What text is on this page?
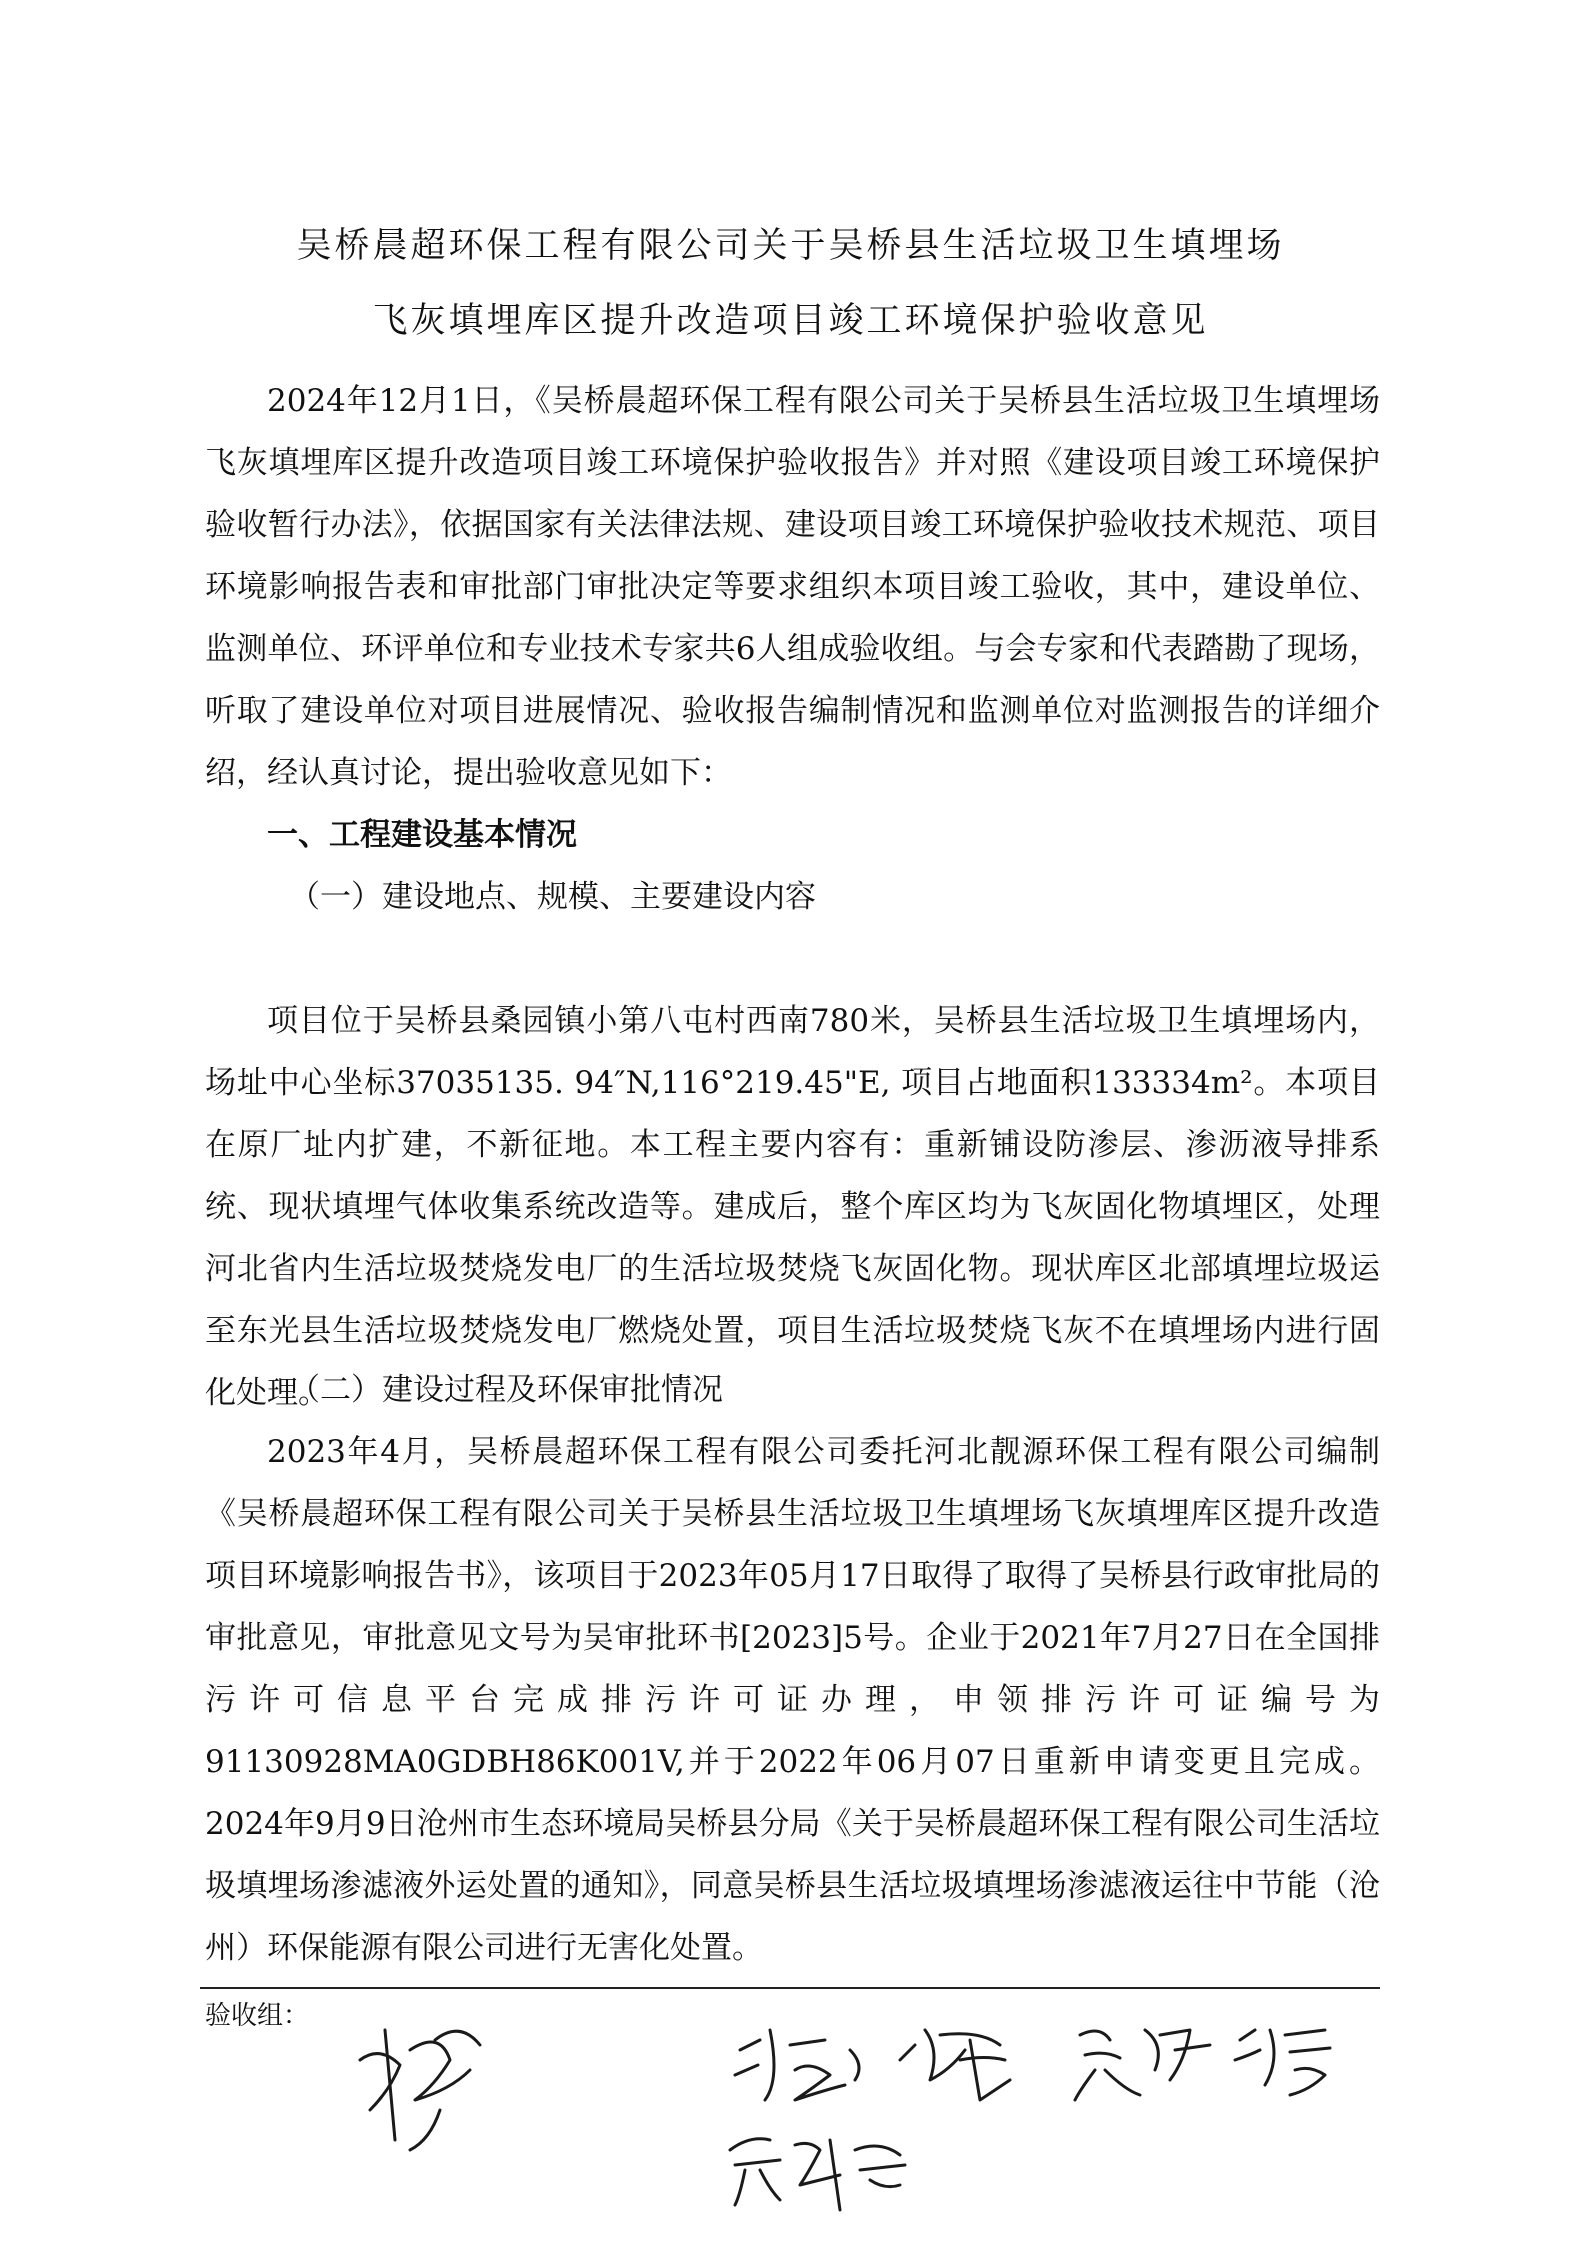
吴桥晨超环保工程有限公司关于吴桥县生活垃圾卫生填埋场
飞灰填埋库区提升改造项目竣工环境保护验收意见

2024年12月1日，《吴桥晨超环保工程有限公司关于吴桥县生活垃圾卫生填埋场飞灰填埋库区提升改造项目竣工环境保护验收报告》并对照《建设项目竣工环境保护验收暂行办法》，依据国家有关法律法规、建设项目竣工环境保护验收技术规范、项目环境影响报告表和审批部门审批决定等要求组织本项目竣工验收，其中，建设单位、监测单位、环评单位和专业技术专家共6人组成验收组。与会专家和代表踏勘了现场，听取了建设单位对项目进展情况、验收报告编制情况和监测单位对监测报告的详细介绍，经认真讨论，提出验收意见如下：

一、工程建设基本情况

（一）建设地点、规模、主要建设内容

项目位于吴桥县桑园镇小第八屯村西南780米，吴桥县生活垃圾卫生填埋场内，场址中心坐标37035135. 94″N,116°219.45"E, 项目占地面积133334m²。本项目在原厂址内扩建，不新征地。本工程主要内容有：重新铺设防渗层、渗沥液导排系统、现状填埋气体收集系统改造等。建成后，整个库区均为飞灰固化物填埋区，处理河北省内生活垃圾焚烧发电厂的生活垃圾焚烧飞灰固化物。现状库区北部填埋垃圾运至东光县生活垃圾焚烧发电厂燃烧处置，项目生活垃圾焚烧飞灰不在填埋场内进行固化处理。

（二）建设过程及环保审批情况

2023年4月，吴桥晨超环保工程有限公司委托河北靓源环保工程有限公司编制《吴桥晨超环保工程有限公司关于吴桥县生活垃圾卫生填埋场飞灰填埋库区提升改造项目环境影响报告书》，该项目于2023年05月17日取得了取得了吴桥县行政审批局的审批意见，审批意见文号为吴审批环书[2023]5号。企业于2021年7月27日在全国排污许可信息平台完成排污许可证办理，申领排污许可证编号为91130928MA0GDBH86K001V,并于2022年06月07日重新申请变更且完成。2024年9月9日沧州市生态环境局吴桥县分局《关于吴桥晨超环保工程有限公司生活垃圾填埋场渗滤液外运处置的通知》，同意吴桥县生活垃圾填埋场渗滤液运往中节能（沧州）环保能源有限公司进行无害化处置。

验收组：
